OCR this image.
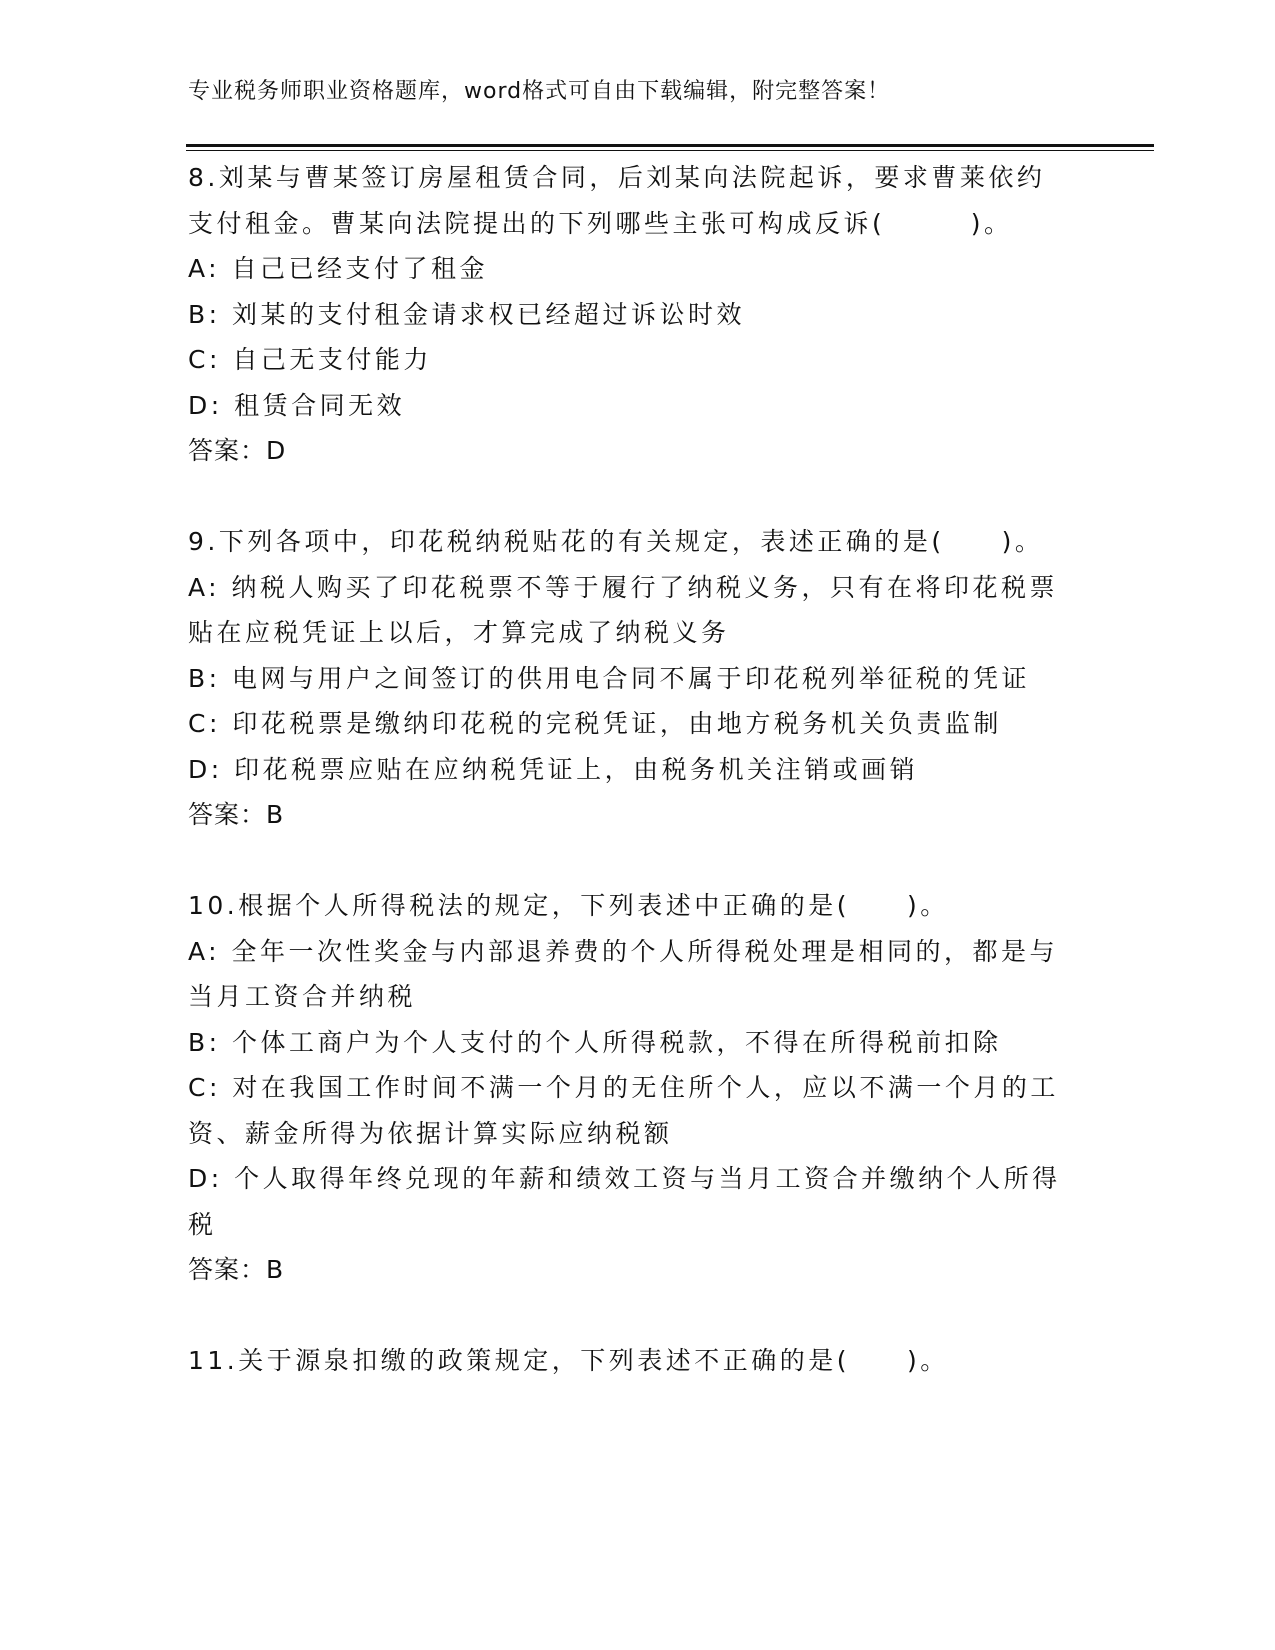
专业税务师职业资格题库，word格式可自由下载编辑，附完整答案！
8.刘某与曹某签订房屋租赁合同，后刘某向法院起诉，要求曹莱依约
支付租金。曹某向法院提出的下列哪些主张可构成反诉(　　　)。
A: 自己已经支付了租金
B: 刘某的支付租金请求权已经超过诉讼时效
C: 自己无支付能力
D: 租赁合同无效
答案：D
9.下列各项中，印花税纳税贴花的有关规定，表述正确的是(　　)。
A: 纳税人购买了印花税票不等于履行了纳税义务，只有在将印花税票
贴在应税凭证上以后，才算完成了纳税义务
B: 电网与用户之间签订的供用电合同不属于印花税列举征税的凭证
C: 印花税票是缴纳印花税的完税凭证，由地方税务机关负责监制
D: 印花税票应贴在应纳税凭证上，由税务机关注销或画销
答案：B
10.根据个人所得税法的规定，下列表述中正确的是(　　)。
A: 全年一次性奖金与内部退养费的个人所得税处理是相同的，都是与
当月工资合并纳税
B: 个体工商户为个人支付的个人所得税款，不得在所得税前扣除
C: 对在我国工作时间不满一个月的无住所个人，应以不满一个月的工
资、薪金所得为依据计算实际应纳税额
D: 个人取得年终兑现的年薪和绩效工资与当月工资合并缴纳个人所得
税
答案：B
11.关于源泉扣缴的政策规定，下列表述不正确的是(　　)。
